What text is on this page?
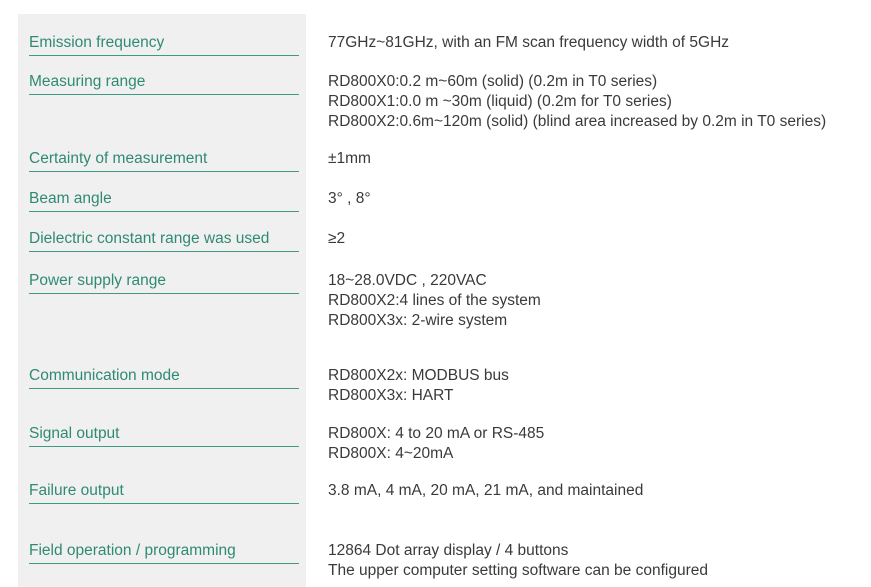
Emission frequency	77GHz~81GHz, with an FM scan frequency width of 5GHz
Measuring range	RD800X0:0.2 m~60m (solid) (0.2m in T0 series)
RD800X1:0.0 m ~30m (liquid) (0.2m for T0 series)
RD800X2:0.6m~120m (solid) (blind area increased by 0.2m in T0 series)
Certainty of measurement	±1mm
Beam angle	3° , 8°
Dielectric constant range was used	≥2
Power supply range	18~28.0VDC , 220VAC
RD800X2:4 lines of the system
RD800X3x: 2-wire system
Communication mode	RD800X2x: MODBUS bus
RD800X3x: HART
Signal output	RD800X: 4 to 20 mA or RS-485
RD800X: 4~20mA
Failure output	3.8 mA, 4 mA, 20 mA, 21 mA, and maintained
Field operation / programming	12864 Dot array display / 4 buttons
The upper computer setting software can be configured
